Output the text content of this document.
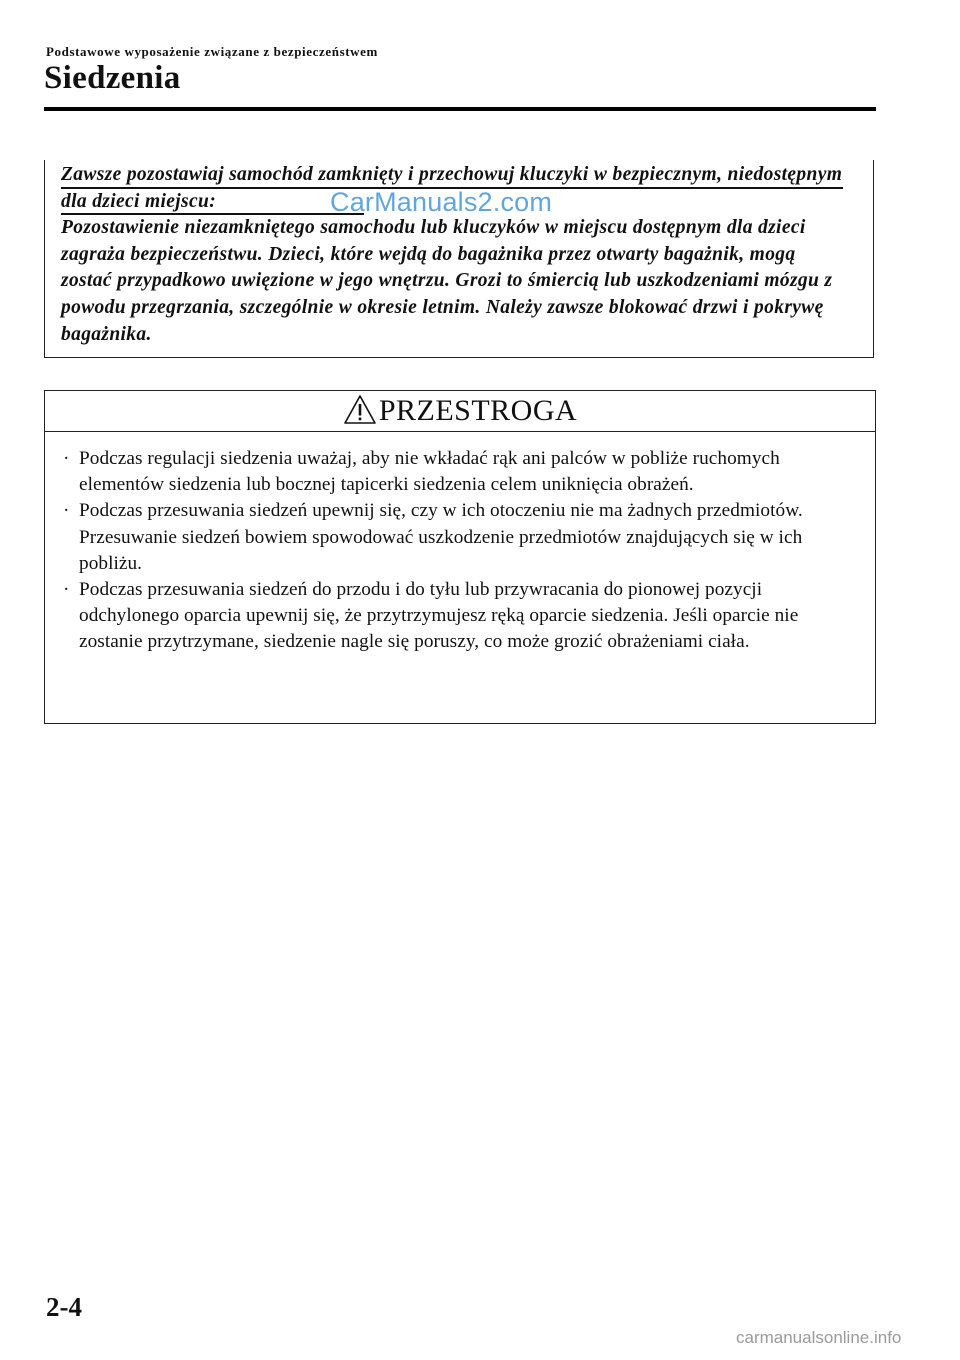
Podstawowe wyposażenie związane z bezpieczeństwem
Siedzenia

Zawsze pozostawiaj samochód zamknięty i przechowuj kluczyki w bezpiecznym, niedostępnym dla dzieci miejscu:

Pozostawienie niezamkniętego samochodu lub kluczyków w miejscu dostępnym dla dzieci zagraża bezpieczeństwu. Dzieci, które wejdą do bagażnika przez otwarty bagażnik, mogą zostać przypadkowo uwięzione w jego wnętrzu. Grozi to śmiercią lub uszkodzeniami mózgu z powodu przegrzania, szczególnie w okresie letnim. Należy zawsze blokować drzwi i pokrywę bagażnika.

CarManuals2.com
PRZESTROGA
· Podczas regulacji siedzenia uważaj, aby nie wkładać rąk ani palców w pobliże ruchomych elementów siedzenia lub bocznej tapicerki siedzenia celem uniknięcia obrażeń.
· Podczas przesuwania siedzeń upewnij się, czy w ich otoczeniu nie ma żadnych przedmiotów. Przesuwanie siedzeń bowiem spowodować uszkodzenie przedmiotów znajdujących się w ich pobliżu.
· Podczas przesuwania siedzeń do przodu i do tyłu lub przywracania do pionowej pozycji odchylonego oparcia upewnij się, że przytrzymujesz ręką oparcie siedzenia. Jeśli oparcie nie zostanie przytrzymane, siedzenie nagle się poruszy, co może grozić obrażeniami ciała.
2-4
carmanualsonline.info
